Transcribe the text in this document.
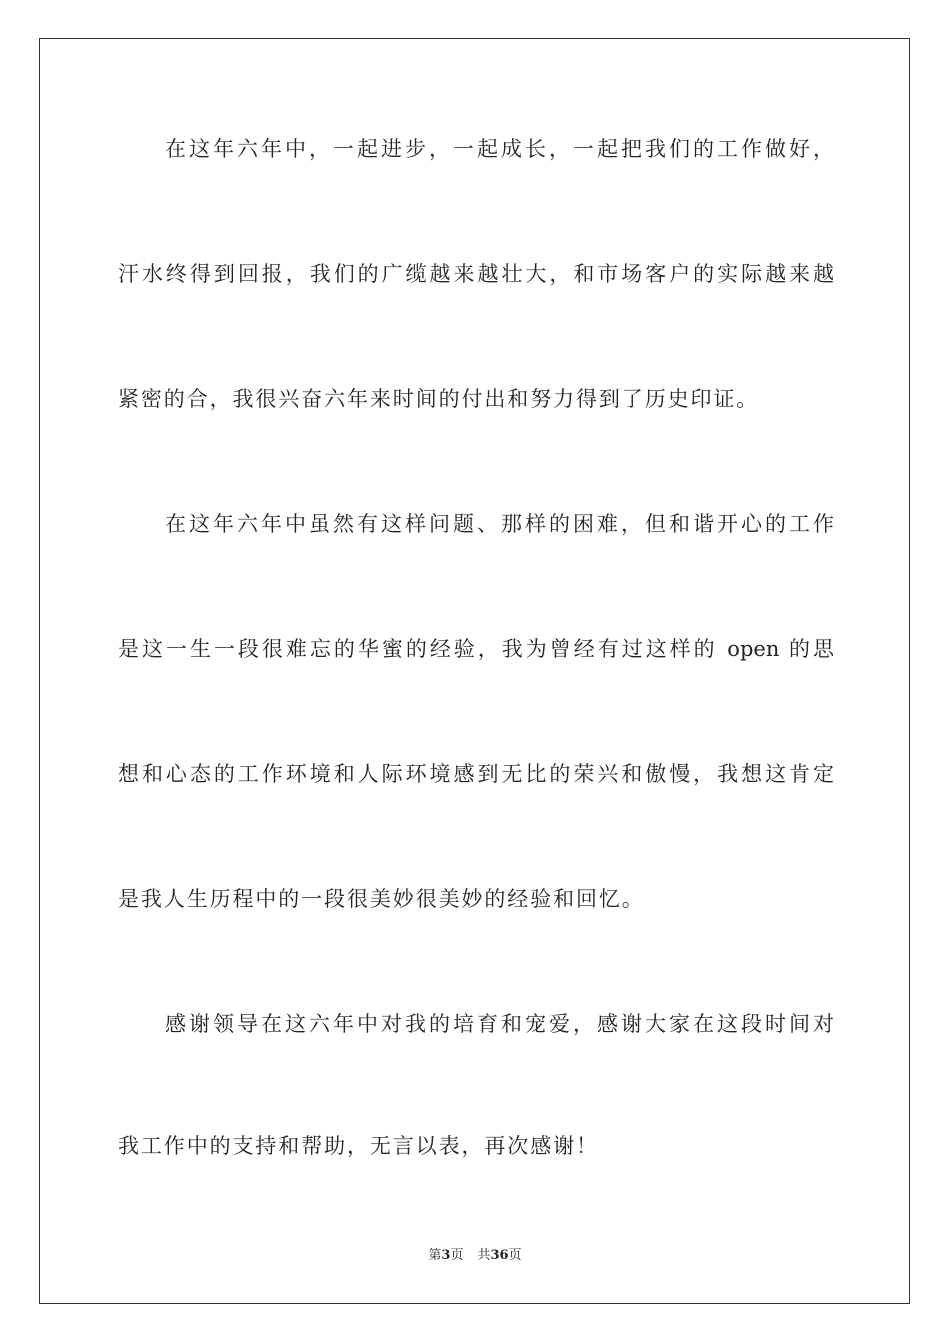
在这年六年中，一起进步，一起成长，一起把我们的工作做好，
汗水终得到回报，我们的广缆越来越壮大，和市场客户的实际越来越
紧密的合，我很兴奋六年来时间的付出和努力得到了历史印证。
在这年六年中虽然有这样问题、那样的困难，但和谐开心的工作
是这一生一段很难忘的华蜜的经验，我为曾经有过这样的 open 的思
想和心态的工作环境和人际环境感到无比的荣兴和傲慢，我想这肯定
是我人生历程中的一段很美妙很美妙的经验和回忆。
感谢领导在这六年中对我的培育和宠爱，感谢大家在这段时间对
我工作中的支持和帮助，无言以表，再次感谢！
第3页 共36页
